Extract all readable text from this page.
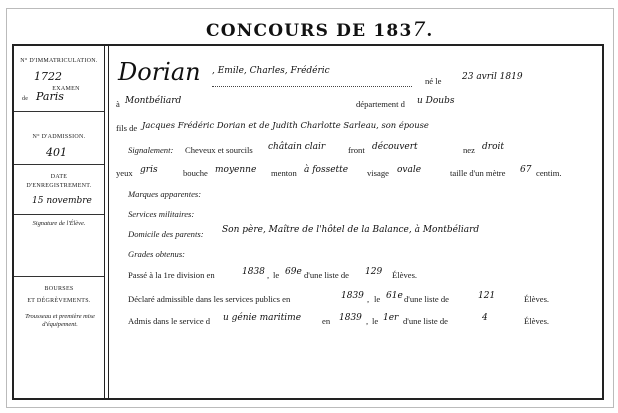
CONCOURS DE 1837.
N° D'IMMATRICULATION.
1722
EXAMEN
de Paris
N° D'ADMISSION.
401
DATE
D'ENREGISTREMENT.
15 novembre
Signature de l'Élève.
BOURSES
ET DÉGRÈVEMENTS.
Trousseau et première mise d'équipement.
Dorian , Emile, Charles, Frédéric
né le 23 avril 1819
à Montbéliard	département d u Doubs
fils de Jacques Frédéric Dorian et de Judith Charlotte Sarleau, son épouse
Signalement: Cheveux et sourcils châtain clair	front découvert	nez droit
yeux gris	bouche moyenne menton à fossette visage ovale	taille d'un mètre 67 centim.
Marques apparentes:
Services militaires:
Domicile des parents: Son père, Maître de l'hôtel de la Balance, à Montbéliard
Grades obtenus:
Passé à la 1re division en	1838 , le 69e d'une liste de 129 Élèves.
Déclaré admissible dans les services publics en	1839 , le 61e d'une liste de	121	Élèves.
Admis dans le service d u génie maritime en 1839 , le 1er d'une liste de	4	Élèves.
